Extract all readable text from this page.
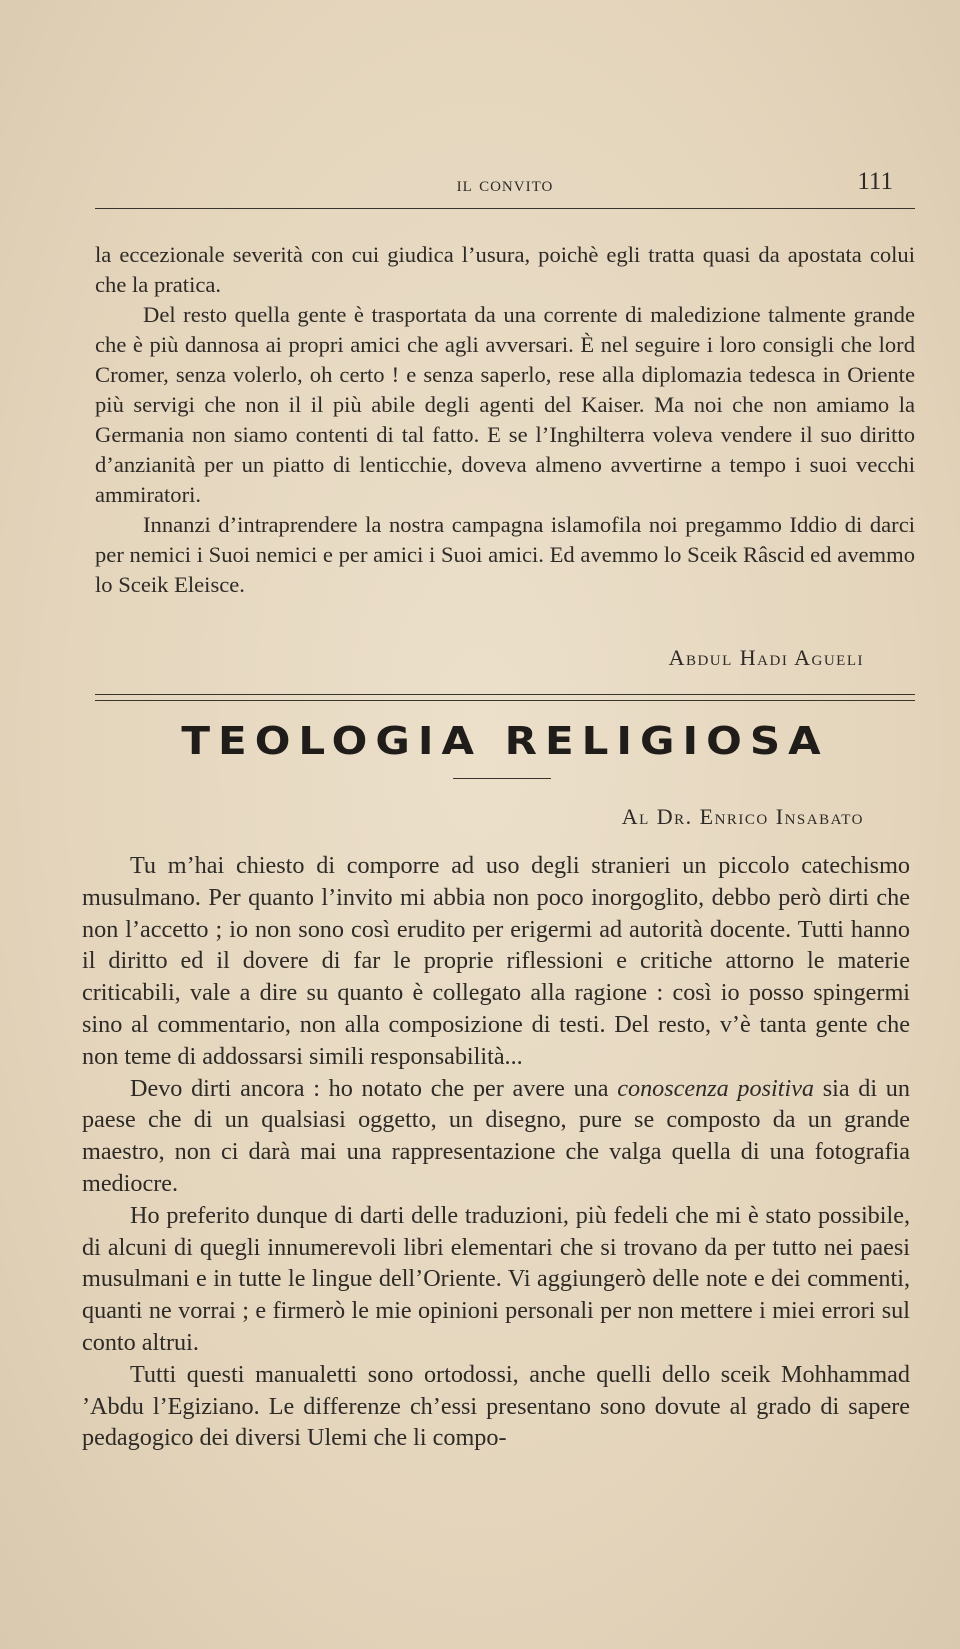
il convito	111

la eccezionale severità con cui giudica l’usura, poichè egli tratta quasi da apostata colui che la pratica.

Del resto quella gente è trasportata da una corrente di maledizione talmente grande che è più dannosa ai propri amici che agli avversari. È nel seguire i loro consigli che lord Cromer, senza volerlo, oh certo ! e senza saperlo, rese alla diplomazia tedesca in Oriente più servigi che non il il più abile degli agenti del Kaiser. Ma noi che non amiamo la Germania non siamo contenti di tal fatto. E se l’Inghilterra voleva vendere il suo diritto d’anzianità per un piatto di lenticchie, doveva almeno avvertirne a tempo i suoi vecchi ammiratori.

Innanzi d’intraprendere la nostra campagna islamofila noi pregammo Iddio di darci per nemici i Suoi nemici e per amici i Suoi amici. Ed avemmo lo Sceik Râscid ed avemmo lo Sceik Eleisce.

Abdul Hadi Agueli
TEOLOGIA RELIGIOSA
Al Dr. Enrico Insabato

Tu m’hai chiesto di comporre ad uso degli stranieri un piccolo catechismo musulmano. Per quanto l’invito mi abbia non poco inorgoglito, debbo però dirti che non l’accetto ; io non sono così erudito per erigermi ad autorità docente. Tutti hanno il diritto ed il dovere di far le proprie riflessioni e critiche attorno le materie criticabili, vale a dire su quanto è collegato alla ragione : così io posso spingermi sino al commentario, non alla composizione di testi. Del resto, v’è tanta gente che non teme di addossarsi simili responsabilità...

Devo dirti ancora : ho notato che per avere una conoscenza positiva sia di un paese che di un qualsiasi oggetto, un disegno, pure se composto da un grande maestro, non ci darà mai una rappresentazione che valga quella di una fotografia mediocre.

Ho preferito dunque di darti delle traduzioni, più fedeli che mi è stato possibile, di alcuni di quegli innumerevoli libri elementari che si trovano da per tutto nei paesi musulmani e in tutte le lingue dell’Oriente. Vi aggiungerò delle note e dei commenti, quanti ne vorrai ; e firmerò le mie opinioni personali per non mettere i miei errori sul conto altrui.

Tutti questi manualetti sono ortodossi, anche quelli dello sceik Mohhammad ’Abdu l’Egiziano. Le differenze ch’essi presentano sono dovute al grado di sapere pedagogico dei diversi Ulemi che li compo-
